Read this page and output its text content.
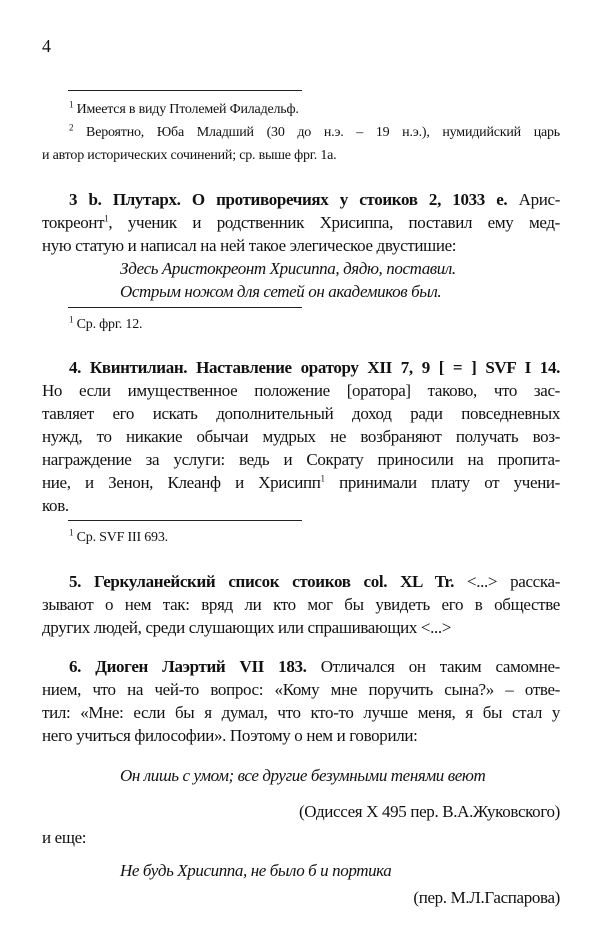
4
$^1$ Имеется в виду Птолемей Филадельф.
$^2$ Вероятно, Юба Младший (30 до н.э. – 19 н.э.), нумидийский царь
и автор исторических сочинений; ср. выше фрг. 1а.
3 b. Плутарх. О противоречиях у стоиков 2, 1033 е. Арис-
токреонт$^1$, ученик и родственник Хрисиппа, поставил ему мед-
ную статую и написал на ней такое элегическое двустишие:
Здесь Аристокреонт Хрисиппа, дядю, поставил.
Острым ножом для сетей он академиков был.
$^1$ Ср. фрг. 12.
4. Квинтилиан. Наставление оратору XII 7, 9 [ = ] SVF I 14.
Но если имущественное положение [оратора] таково, что зас-
тавляет его искать дополнительный доход ради повседневных
нужд, то никакие обычаи мудрых не возбраняют получать воз-
награждение за услуги: ведь и Сократу приносили на пропита-
ние, и Зенон, Клеанф и Хрисипп$^1$ принимали плату от учени-
ков.
$^1$ Ср. SVF III 693.
5. Геркуланейский список стоиков col. XL Tr. <...> расска-
зывают о нем так: вряд ли кто мог бы увидеть его в обществе
других людей, среди слушающих или спрашивающих <...>
6. Диоген Лаэртий VII 183. Отличался он таким самомне-
нием, что на чей-то вопрос: «Кому мне поручить сына?» – отве-
тил: «Мне: если бы я думал, что кто-то лучше меня, я бы стал у
него учиться философии». Поэтому о нем и говорили:
Он лишь с умом; все другие безумными тенями веют
(Одиссея X 495 пер. В.А.Жуковского)
и еще:
Не будь Хрисиппа, не было б и портика
(пер. М.Л.Гаспарова)
